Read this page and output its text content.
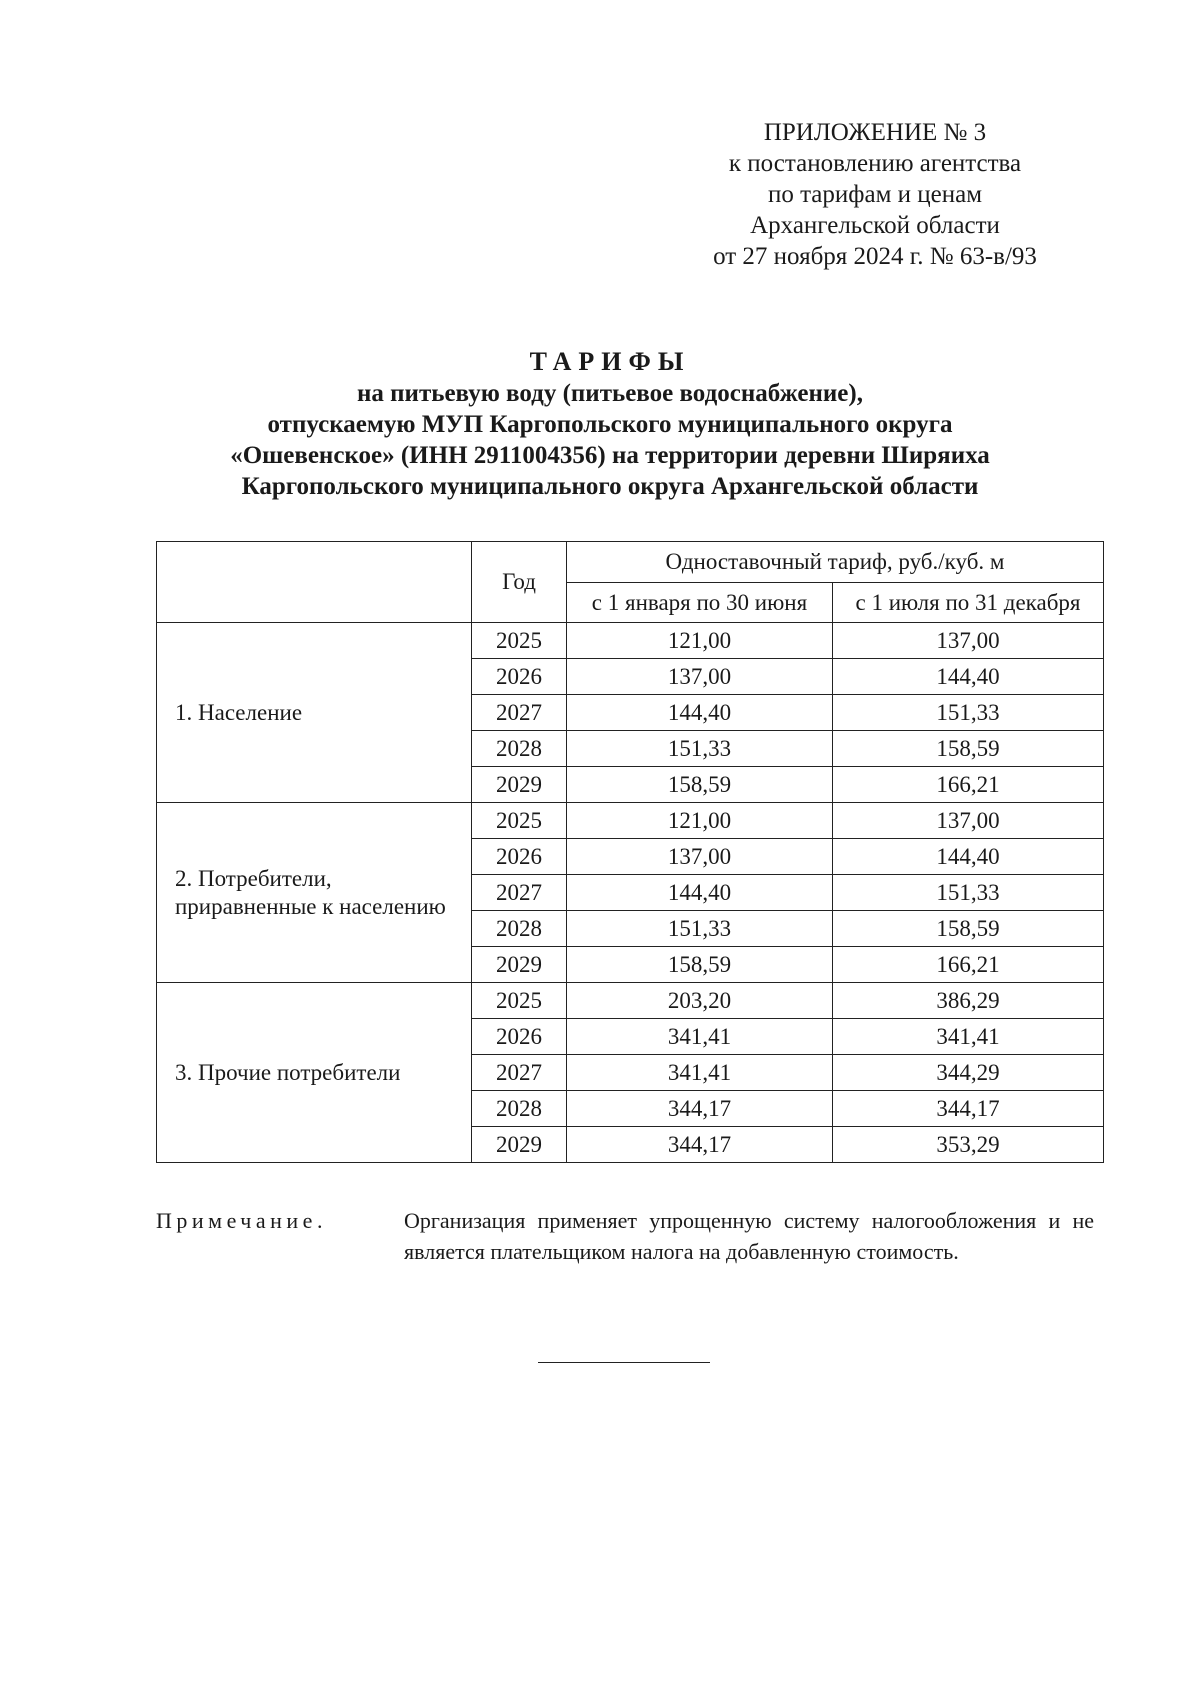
ПРИЛОЖЕНИЕ № 3
к постановлению агентства
по тарифам и ценам
Архангельской области
от 27 ноября 2024 г. № 63-в/93
ТАРИФЫ
на питьевую воду (питьевое водоснабжение),
отпускаемую МУП Каргопольского муниципального округа
«Ошевенское» (ИНН 2911004356) на территории деревни Ширяиха
Каргопольского муниципального округа Архангельской области
	Год	Одноставочный тариф, руб./куб. м	
		с 1 января по 30 июня	с 1 июля по 31 декабря
1. Население	2025	121,00	137,00
	2026	137,00	144,40
	2027	144,40	151,33
	2028	151,33	158,59
	2029	158,59	166,21
2. Потребители, приравненные к населению	2025	121,00	137,00
	2026	137,00	144,40
	2027	144,40	151,33
	2028	151,33	158,59
	2029	158,59	166,21
3. Прочие потребители	2025	203,20	386,29
	2026	341,41	341,41
	2027	341,41	344,29
	2028	344,17	344,17
	2029	344,17	353,29
Примечание.	Организация применяет упрощенную систему налогообложения и не является плательщиком налога на добавленную стоимость.
